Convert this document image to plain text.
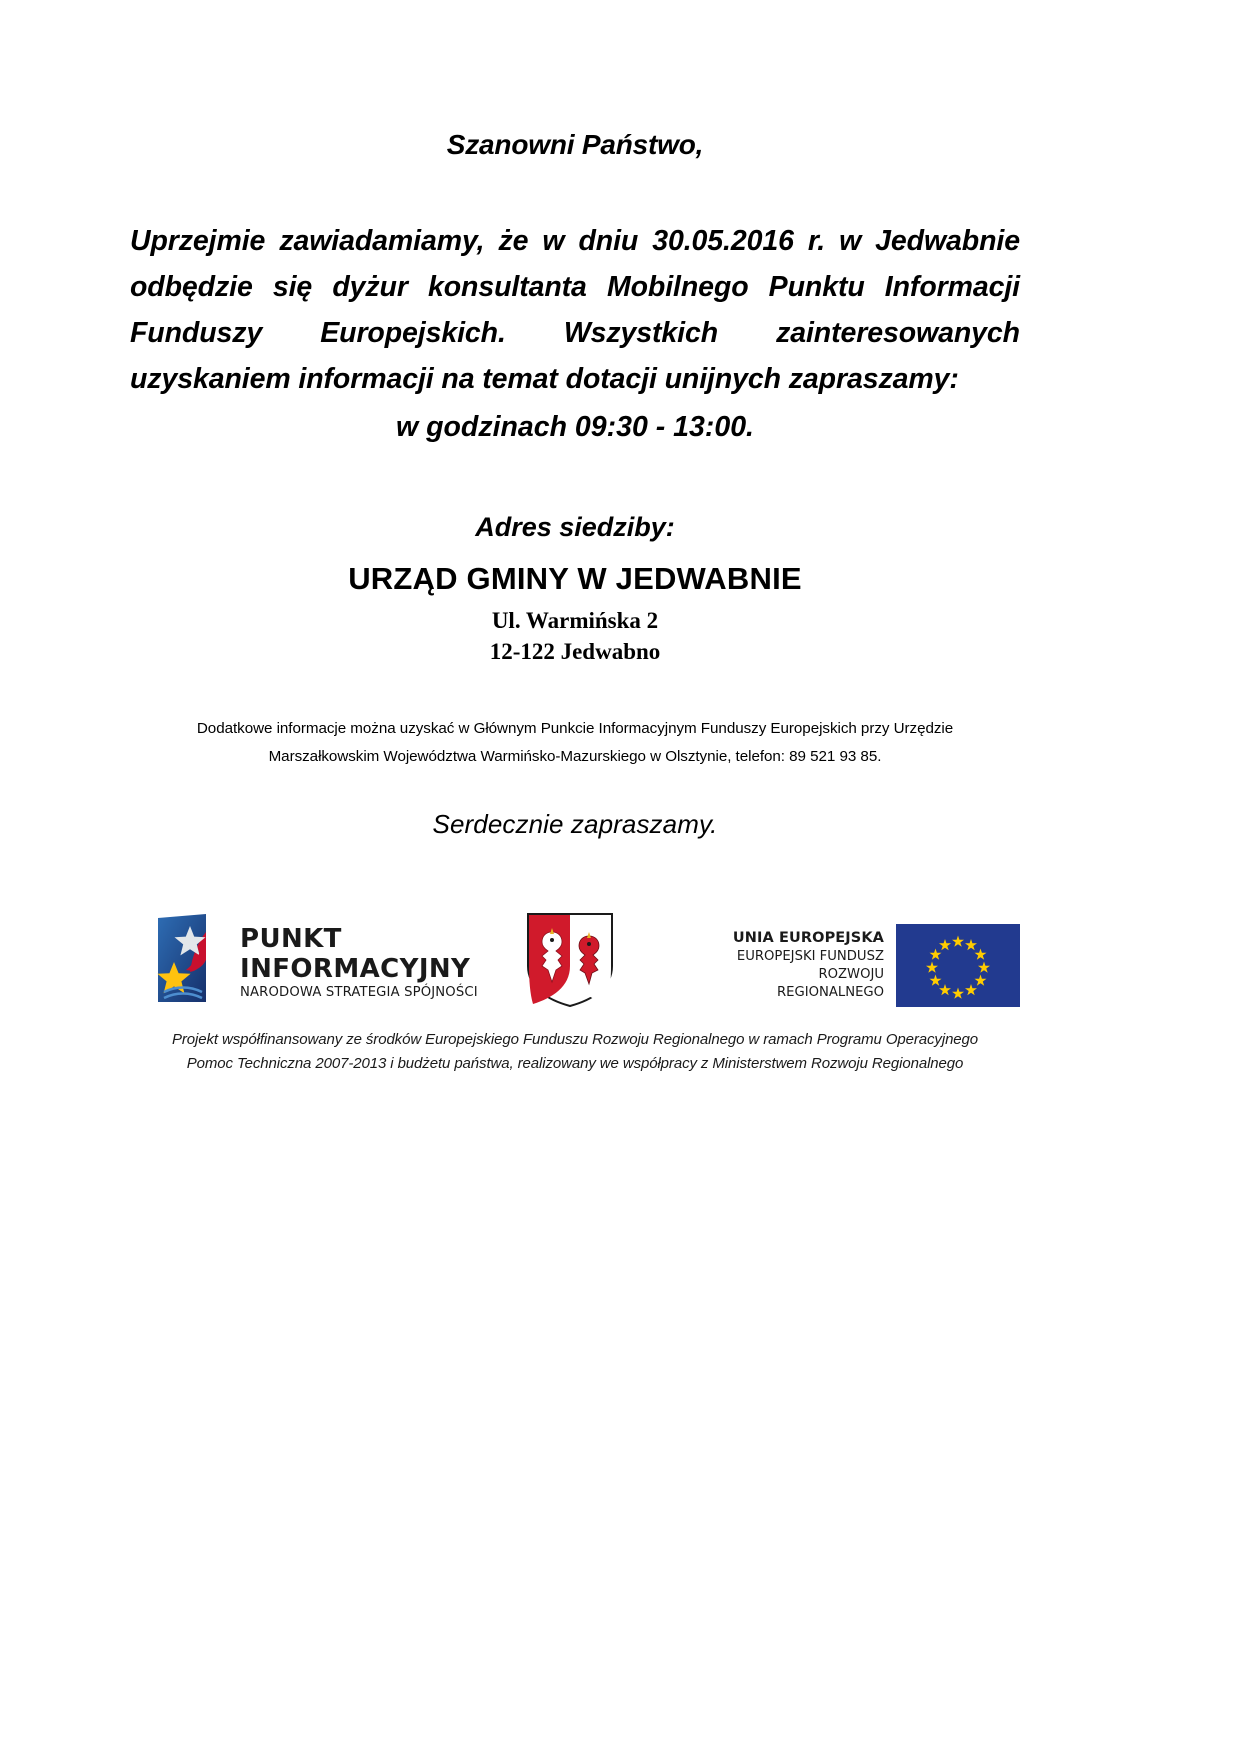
Szanowni Państwo,
Uprzejmie zawiadamiamy, że w dniu 30.05.2016 r. w Jedwabnie odbędzie się dyżur konsultanta Mobilnego Punktu Informacji Funduszy Europejskich. Wszystkich zainteresowanych uzyskaniem informacji na temat dotacji unijnych zapraszamy:
w godzinach 09:30 - 13:00.
Adres siedziby:
URZĄD GMINY W JEDWABNIE
Ul. Warmińska 2
12-122 Jedwabno
Dodatkowe informacje można uzyskać w Głównym Punkcie Informacyjnym Funduszy Europejskich przy Urzędzie
Marszałkowskim Województwa Warmińsko-Mazurskiego w Olsztynie, telefon: 89 521 93 85.
Serdecznie zapraszamy.
PUNKT
INFORMACYJNY
NARODOWA STRATEGIA SPÓJNOŚCI
UNIA EUROPEJSKA
EUROPEJSKI FUNDUSZ
ROZWOJU REGIONALNEGO
Projekt współfinansowany ze środków Europejskiego Funduszu Rozwoju Regionalnego w ramach Programu Operacyjnego
Pomoc Techniczna 2007-2013 i budżetu państwa, realizowany we współpracy z Ministerstwem Rozwoju Regionalnego
